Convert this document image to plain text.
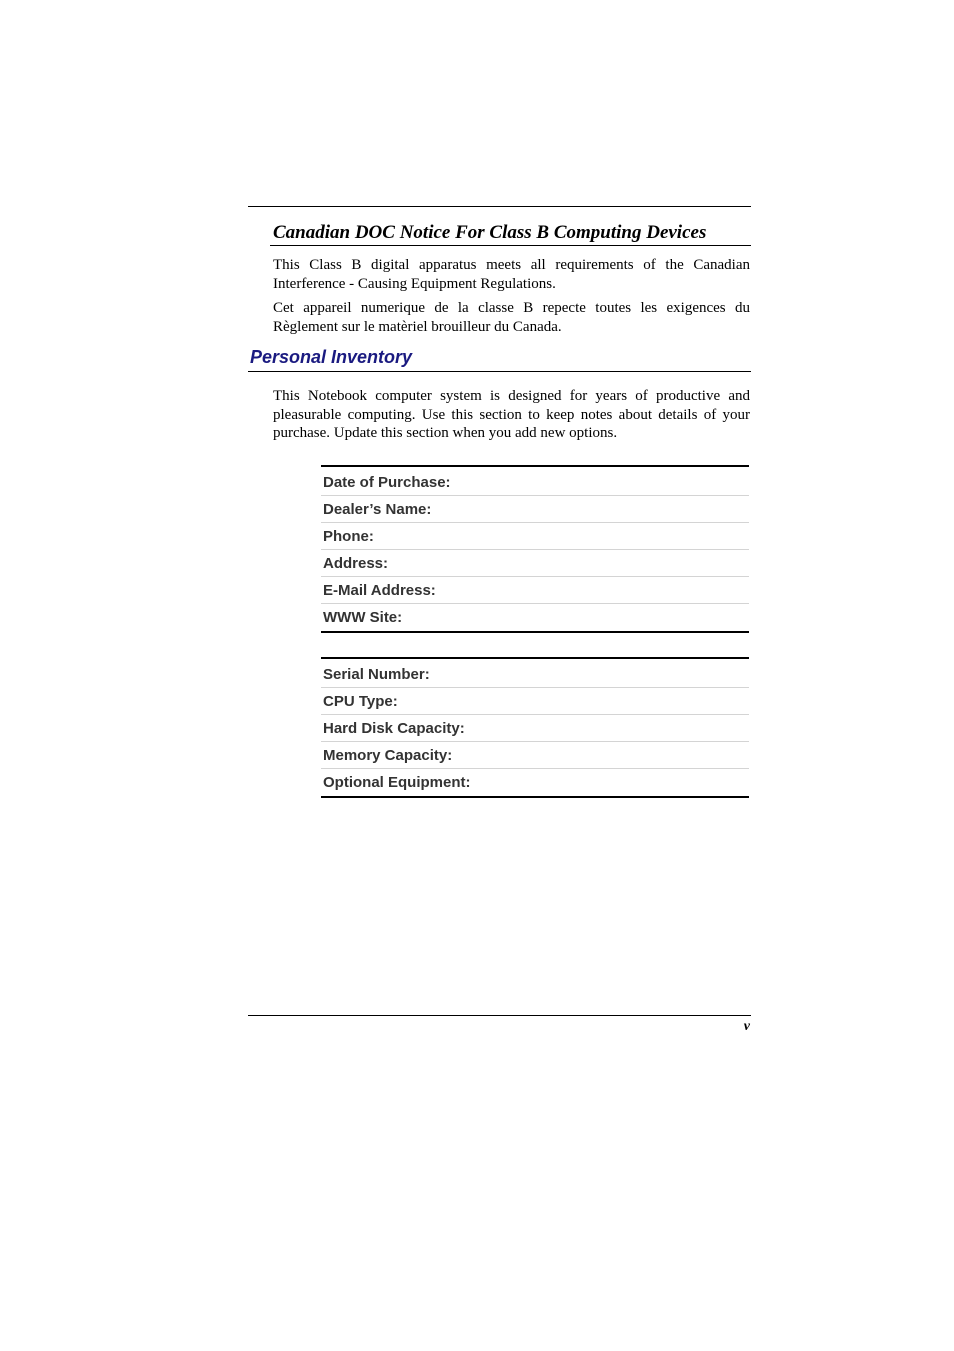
Canadian DOC Notice For Class B Computing Devices

This Class B digital apparatus meets all requirements of the Canadian Interference - Causing Equipment Regulations.

Cet appareil numerique de la classe B repecte toutes les exigences du Règlement sur le matèriel brouilleur du Canada.

Personal Inventory

This Notebook computer system is designed for years of productive and pleasurable computing. Use this section to keep notes about details of your purchase. Update this section when you add new options.

Date of Purchase:
Dealer’s Name:
Phone:
Address:
E-Mail Address:
WWW Site:
Serial Number:
CPU Type:
Hard Disk Capacity:
Memory Capacity:
Optional Equipment:
v
